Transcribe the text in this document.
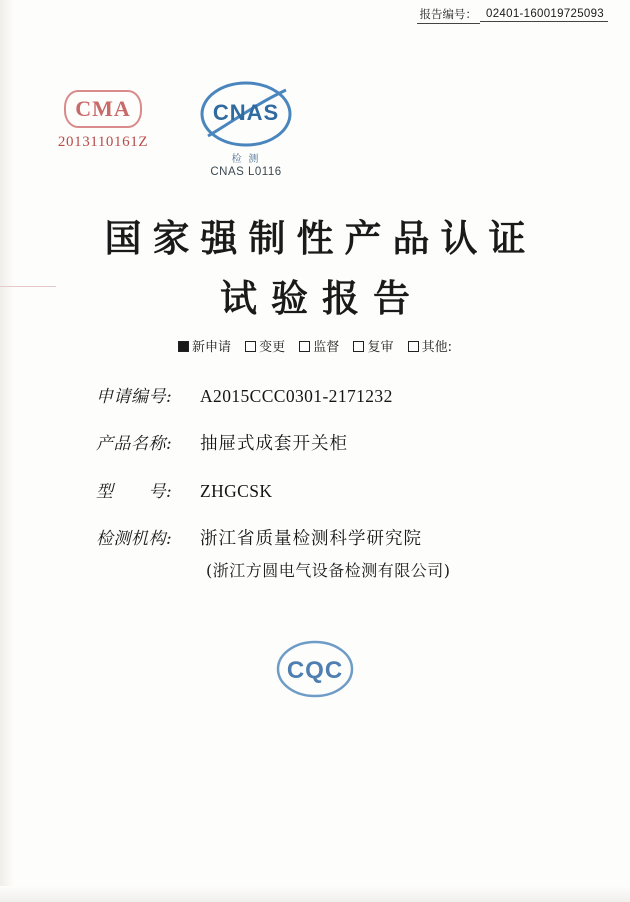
报告编号： 02401-160019725093
CMA
2013110161Z
CNAS
检 测
CNAS L0116
国家强制性产品认证
试验报告
新申请 变更 监督 复审 其他:
申请编号:	A2015CCC0301-2171232
产品名称:	抽屉式成套开关柜
型　　号:	ZHGCSK
检测机构:	浙江省质量检测科学研究院
(浙江方圆电气设备检测有限公司)
CQC
